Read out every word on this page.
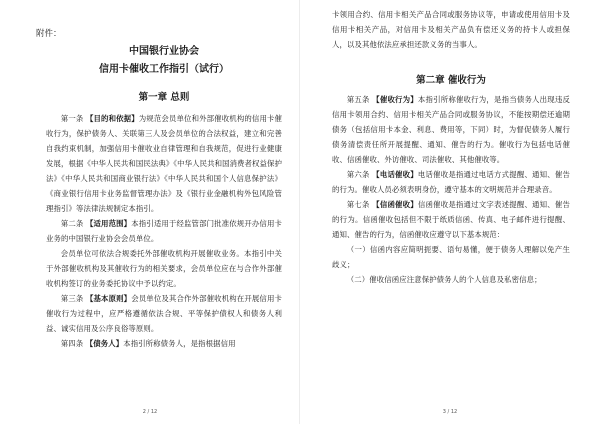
附件：
中国银行业协会
信用卡催收工作指引（试行）
第一章 总则

第一条 【目的和依据】为规范会员单位和外部催收机构的信用卡催收行为，保护债务人、关联第三人及会员单位的合法权益，建立和完善自我约束机制，加强信用卡催收业自律管理和自我规范，促进行业健康发展，根据《中华人民共和国民法典》《中华人民共和国消费者权益保护法》《中华人民共和国商业银行法》《中华人民共和国个人信息保护法》《商业银行信用卡业务监督管理办法》及《银行业金融机构外包风险管理指引》等法律法规制定本指引。

第二条 【适用范围】本指引适用于经监管部门批准依规开办信用卡业务的中国银行业协会会员单位。

会员单位可依法合规委托外部催收机构开展催收业务。本指引中关于外部催收机构及其催收行为的相关要求，会员单位应在与合作外部催收机构签订的业务委托协议中予以约定。

第三条 【基本原则】会员单位及其合作外部催收机构在开展信用卡催收行为过程中，应严格遵循依法合规、平等保护债权人和债务人利益、诚实信用及公序良俗等原则。

第四条 【债务人】本指引所称债务人，是指根据信用

2 / 12

卡领用合约、信用卡相关产品合同或服务协议等，申请或使用信用卡及信用卡相关产品，对信用卡及相关产品负有偿还义务的持卡人或担保人，以及其他依法应承担还款义务的当事人。

第二章 催收行为

第五条 【催收行为】本指引所称催收行为，是指当债务人出现违反信用卡领用合约、信用卡相关产品合同或服务协议，不能按期偿还逾期债务（包括信用卡本金、利息、费用等，下同）时，为督促债务人履行债务清偿责任所开展提醒、通知、催告的行为。催收行为包括电话催收、信函催收、外访催收、司法催收、其他催收等。

第六条 【电话催收】电话催收是指通过电话方式提醒、通知、催告的行为。催收人员必须表明身份，遵守基本的文明规范并合理录音。

第七条 【信函催收】信函催收是指通过文字表述提醒、通知、催告的行为。信函催收包括但不限于纸质信函、传真、电子邮件进行提醒、通知、催告的行为，信函催收应遵守以下基本规范：

（一）信函内容应简明扼要、语句易懂，便于债务人理解以免产生歧义；

（二）催收信函应注意保护债务人的个人信息及私密信息；

3 / 12
